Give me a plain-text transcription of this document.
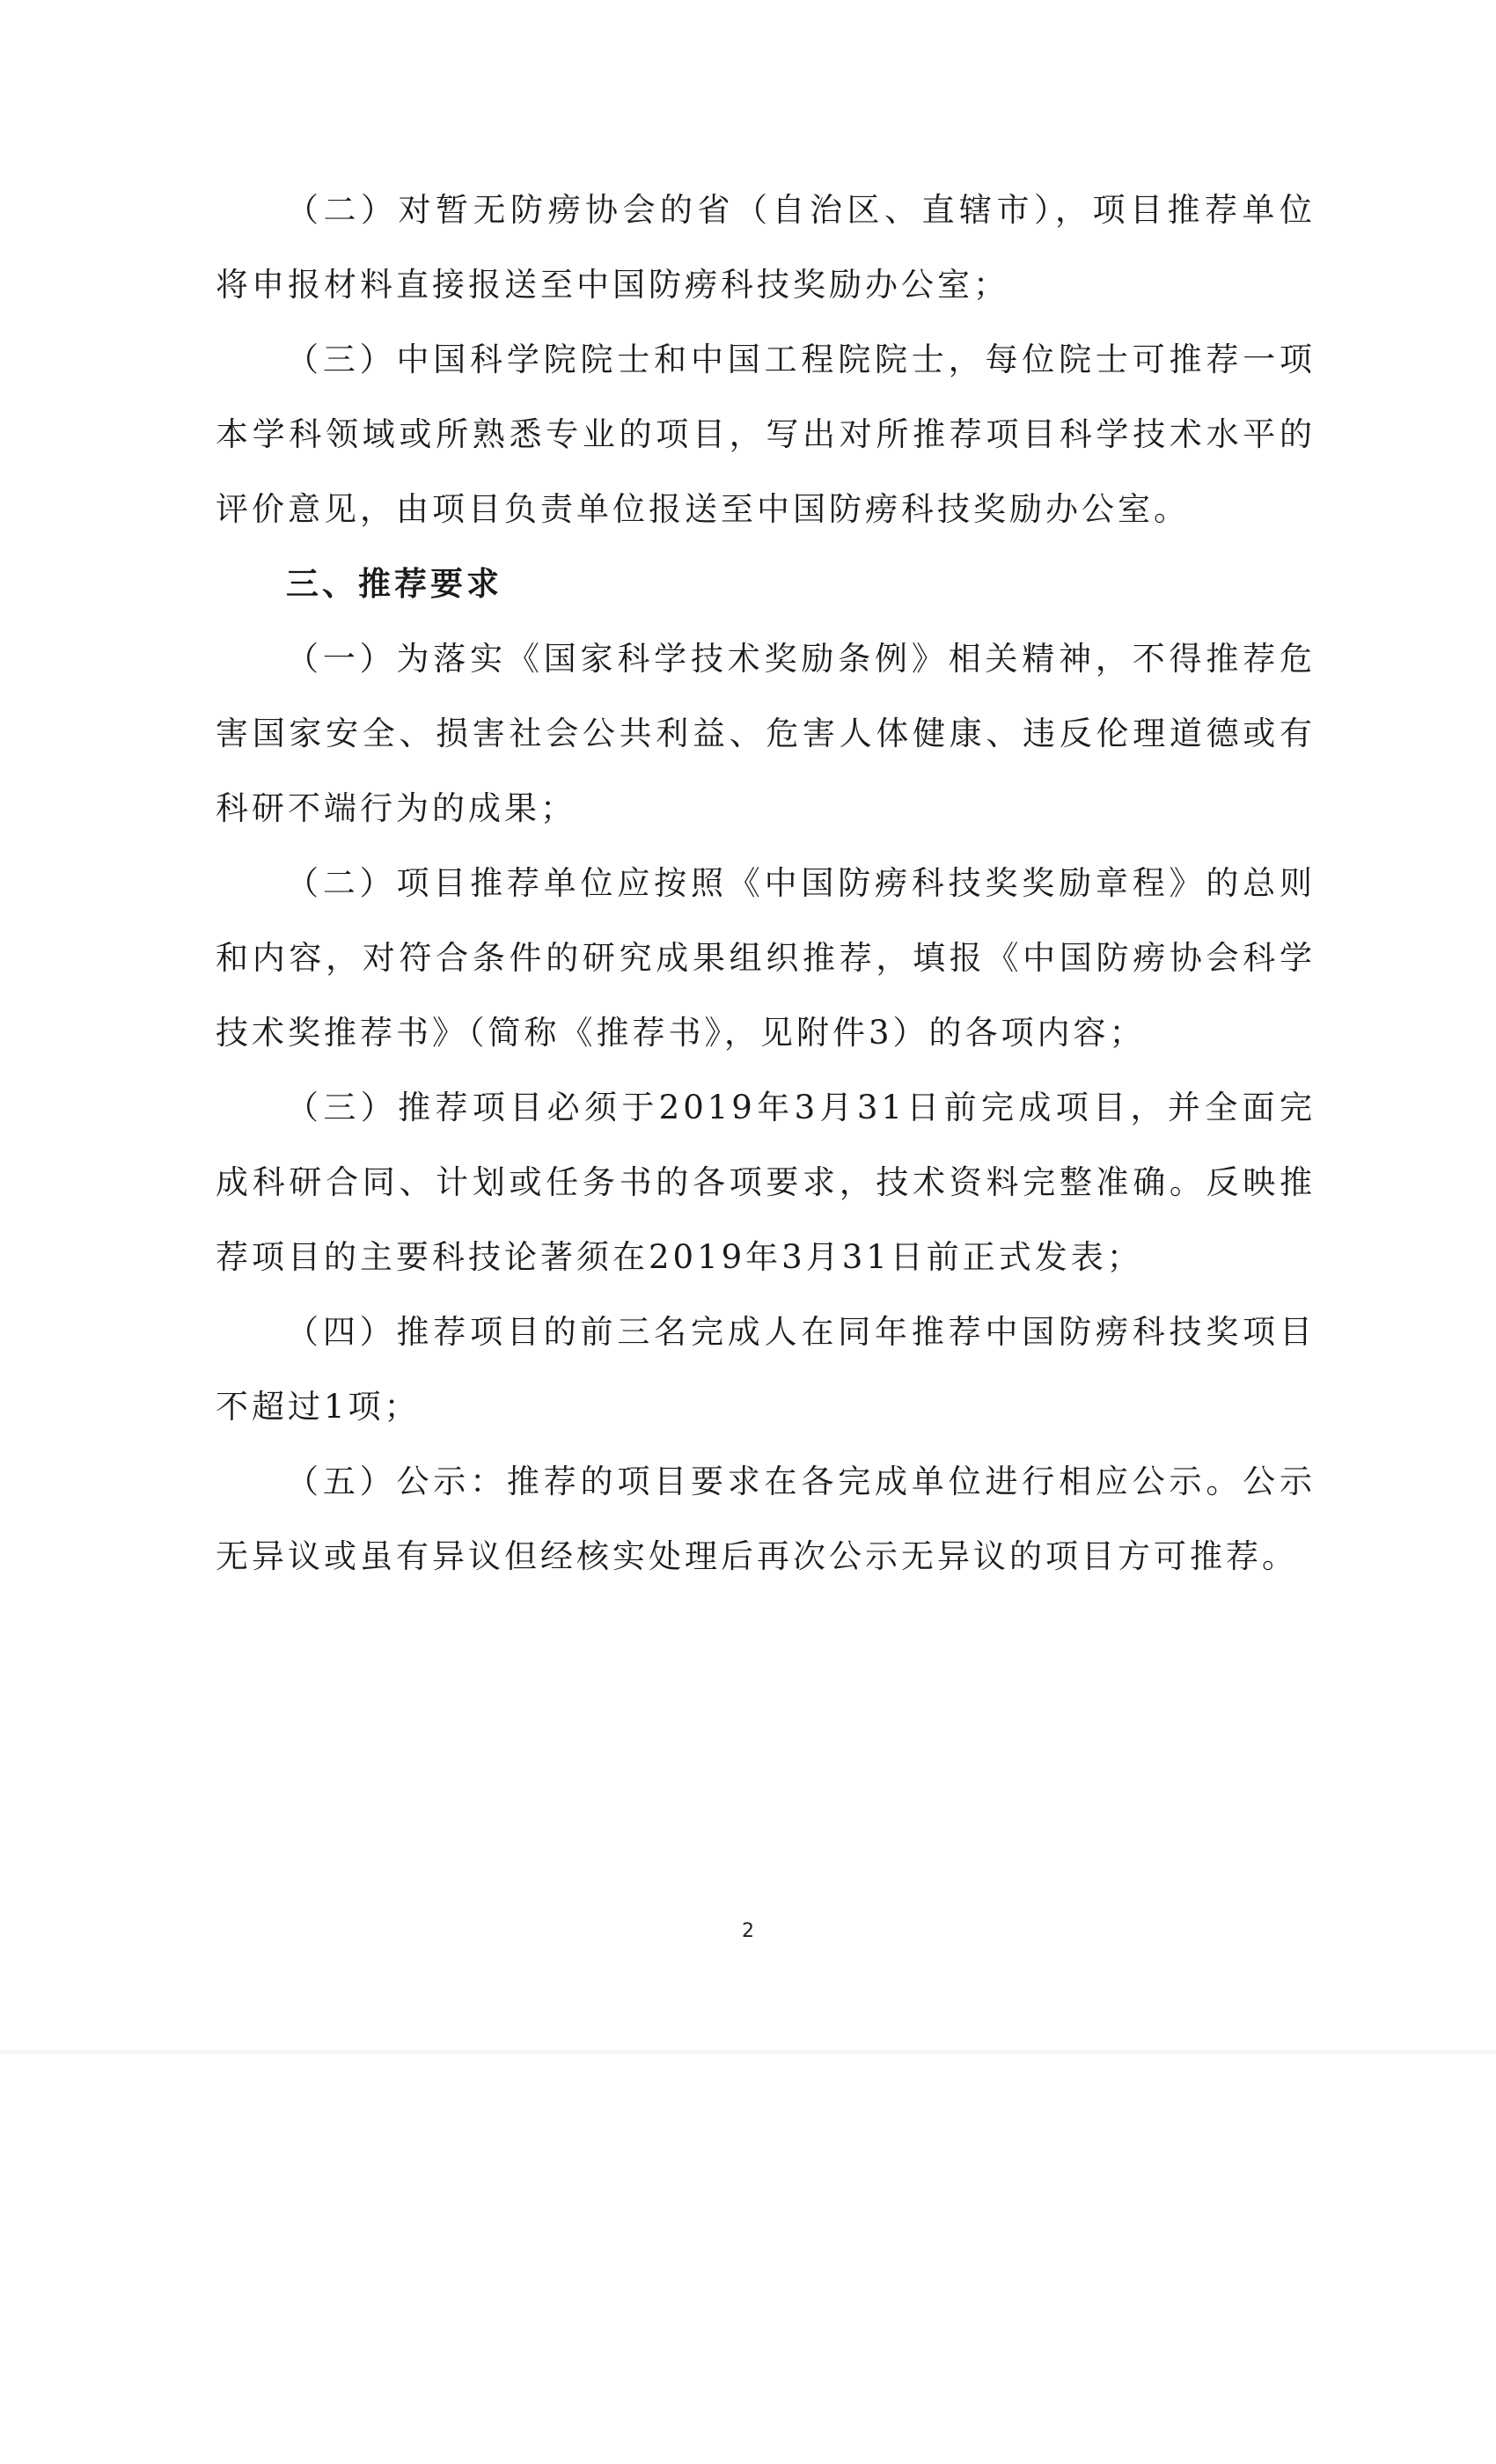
（二）对暂无防痨协会的省（自治区、直辖市），项目推荐单位将申报材料直接报送至中国防痨科技奖励办公室；

（三）中国科学院院士和中国工程院院士，每位院士可推荐一项本学科领域或所熟悉专业的项目，写出对所推荐项目科学技术水平的评价意见，由项目负责单位报送至中国防痨科技奖励办公室。

三、推荐要求

（一）为落实《国家科学技术奖励条例》相关精神，不得推荐危害国家安全、损害社会公共利益、危害人体健康、违反伦理道德或有科研不端行为的成果；

（二）项目推荐单位应按照《中国防痨科技奖奖励章程》的总则和内容，对符合条件的研究成果组织推荐，填报《中国防痨协会科学技术奖推荐书》（简称《推荐书》，见附件3）的各项内容；

（三）推荐项目必须于2019年3月31日前完成项目，并全面完成科研合同、计划或任务书的各项要求，技术资料完整准确。反映推荐项目的主要科技论著须在2019年3月31日前正式发表；

（四）推荐项目的前三名完成人在同年推荐中国防痨科技奖项目不超过1项；

（五）公示：推荐的项目要求在各完成单位进行相应公示。公示无异议或虽有异议但经核实处理后再次公示无异议的项目方可推荐。

2
